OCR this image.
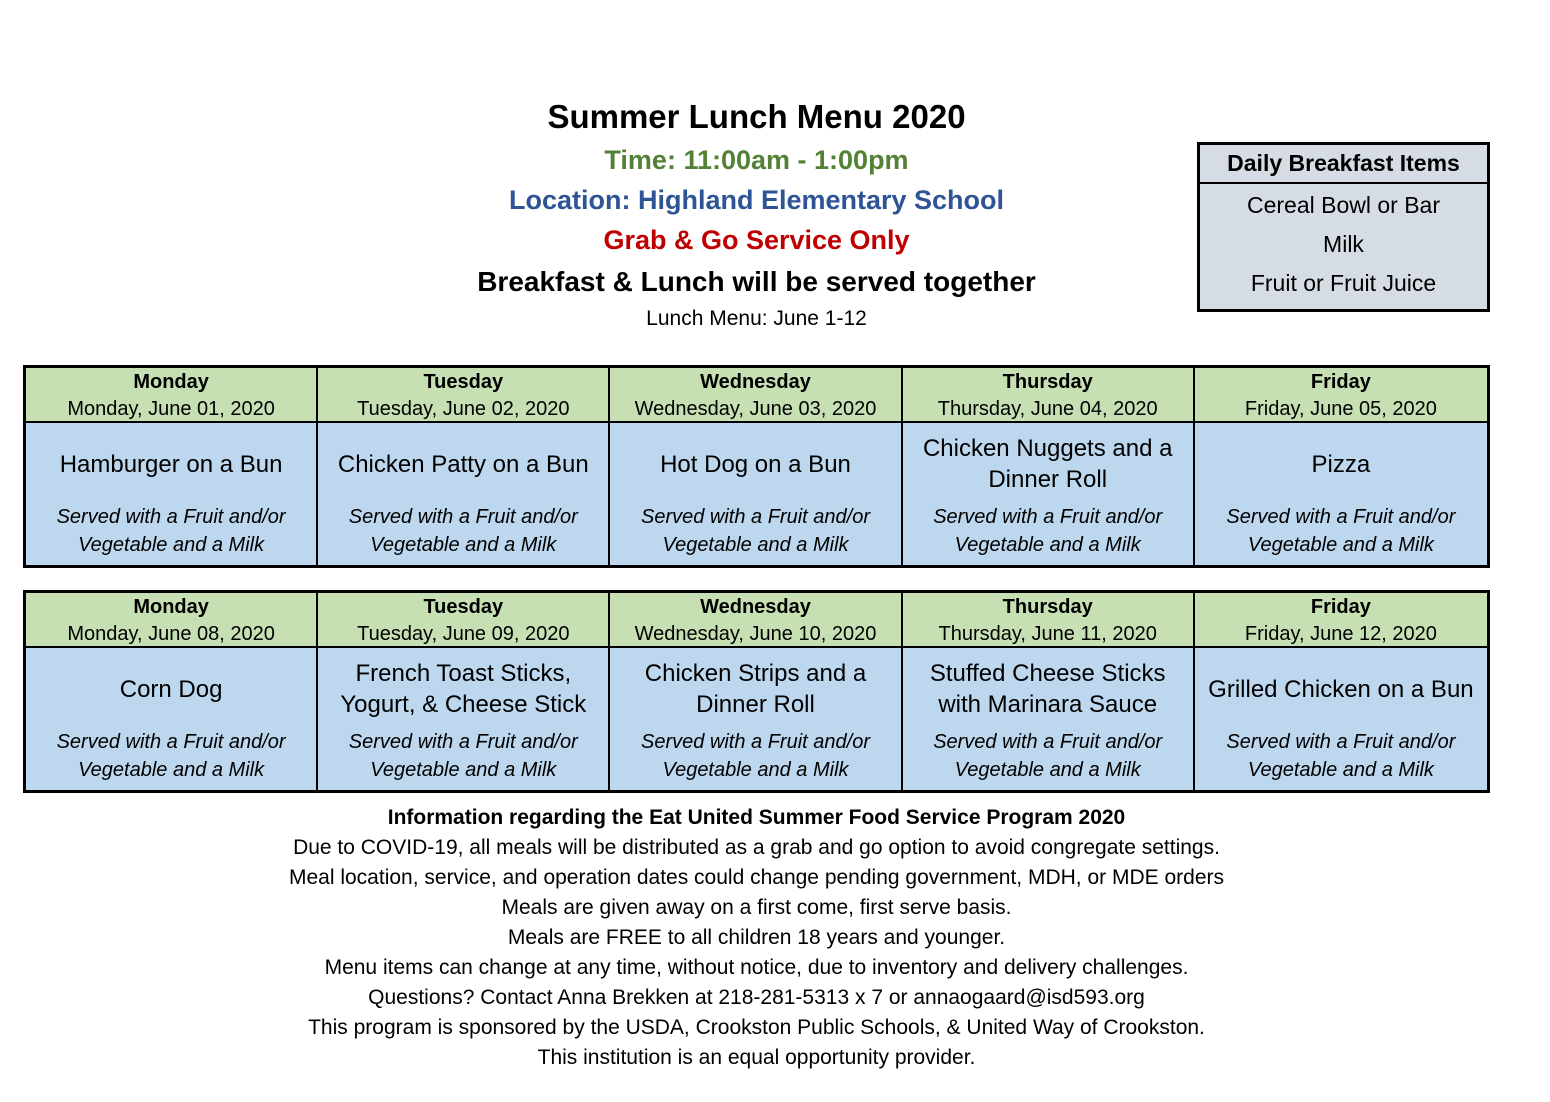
Summer Lunch Menu 2020
Time: 11:00am - 1:00pm
Location: Highland Elementary School
Grab & Go Service Only
Breakfast & Lunch will be served together
Lunch Menu: June 1-12
Daily Breakfast Items
Cereal Bowl or Bar
Milk
Fruit or Fruit Juice
Monday
Monday, June 01, 2020
Tuesday
Tuesday, June 02, 2020
Wednesday
Wednesday, June 03, 2020
Thursday
Thursday, June 04, 2020
Friday
Friday, June 05, 2020
Hamburger on a Bun
Served with a Fruit and/or Vegetable and a Milk
Chicken Patty on a Bun
Served with a Fruit and/or Vegetable and a Milk
Hot Dog on a Bun
Served with a Fruit and/or Vegetable and a Milk
Chicken Nuggets and a Dinner Roll
Served with a Fruit and/or Vegetable and a Milk
Pizza
Served with a Fruit and/or Vegetable and a Milk
Monday
Monday, June 08, 2020
Tuesday
Tuesday, June 09, 2020
Wednesday
Wednesday, June 10, 2020
Thursday
Thursday, June 11, 2020
Friday
Friday, June 12, 2020
Corn Dog
Served with a Fruit and/or Vegetable and a Milk
French Toast Sticks, Yogurt, & Cheese Stick
Served with a Fruit and/or Vegetable and a Milk
Chicken Strips and a Dinner Roll
Served with a Fruit and/or Vegetable and a Milk
Stuffed Cheese Sticks with Marinara Sauce
Served with a Fruit and/or Vegetable and a Milk
Grilled Chicken on a Bun
Served with a Fruit and/or Vegetable and a Milk
Information regarding the Eat United Summer Food Service Program 2020
Due to COVID-19, all meals will be distributed as a grab and go option to avoid congregate settings.
Meal location, service, and operation dates could change pending government, MDH, or MDE orders
Meals are given away on a first come, first serve basis.
Meals are FREE to all children 18 years and younger.
Menu items can change at any time, without notice, due to inventory and delivery challenges.
Questions? Contact Anna Brekken at 218-281-5313 x 7 or annaogaard@isd593.org
This program is sponsored by the USDA, Crookston Public Schools, & United Way of Crookston.
This institution is an equal opportunity provider.
